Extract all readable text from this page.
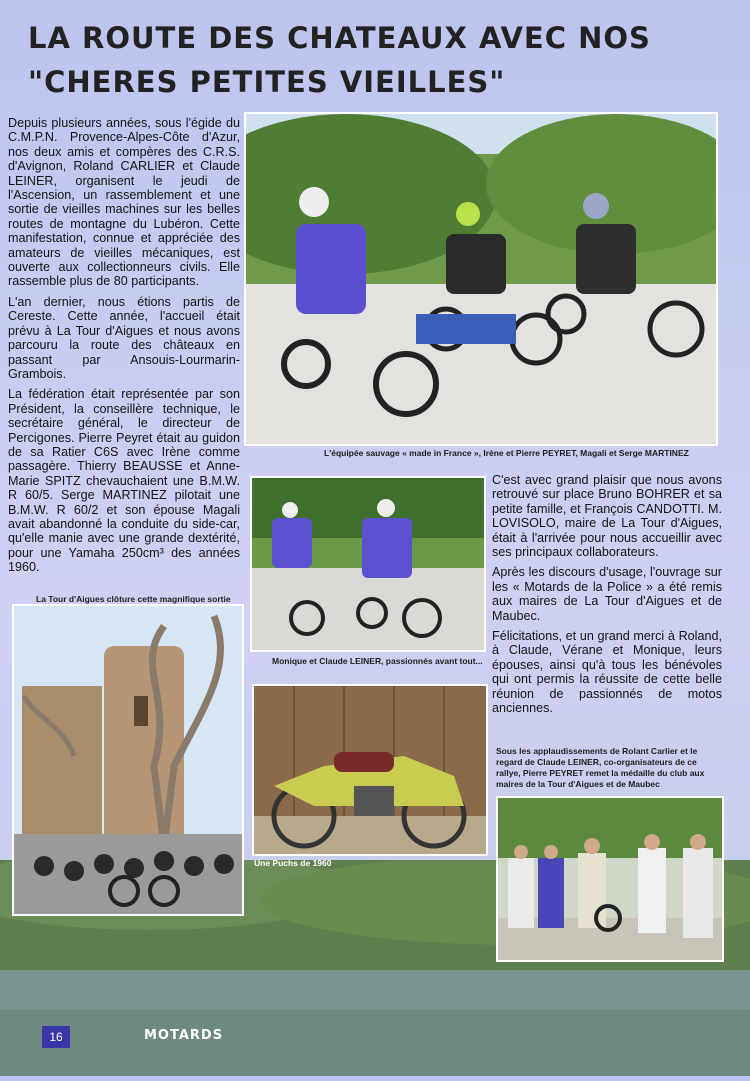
LA ROUTE DES CHATEAUX AVEC NOS "CHERES PETITES VIEILLES"

Depuis plusieurs années, sous l'égide du C.M.P.N. Provence-Alpes-Côte d'Azur, nos deux amis et compères des C.R.S. d'Avignon, Roland CARLIER et Claude LEINER, organisent le jeudi de l'Ascension, un rassemblement et une sortie de vieilles machines sur les belles routes de montagne du Lubéron. Cette manifestation, connue et appréciée des amateurs de vieilles mécaniques, est ouverte aux collectionneurs civils. Elle rassemble plus de 80 participants.

L'an dernier, nous étions partis de Cereste. Cette année, l'accueil était prévu à La Tour d'Aigues et nous avons parcouru la route des châteaux en passant par Ansouis-Lourmarin-Grambois.

La fédération était représentée par son Président, la conseillère technique, le secrétaire général, le directeur de Percigones. Pierre Peyret était au guidon de sa Ratier C6S avec Irène comme passagère. Thierry BEAUSSE et Anne-Marie SPITZ chevauchaient une B.M.W. R 60/5. Serge MARTINEZ pilotait une B.M.W. R 60/2 et son épouse Magali avait abandonné la conduite du side-car, qu'elle manie avec une grande dextérité, pour une Yamaha 250cm³ des années 1960.

L'équipée sauvage « made in France », Irène et Pierre PEYRET, Magali et Serge MARTINEZ
Monique et Claude LEINER, passionnés avant tout...

C'est avec grand plaisir que nous avons retrouvé sur place Bruno BOHRER et sa petite famille, et François CANDOTTI. M. LOVISOLO, maire de La Tour d'Aigues, était à l'arrivée pour nous accueillir avec ses principaux collaborateurs.

Après les discours d'usage, l'ouvrage sur les « Motards de la Police » a été remis aux maires de La Tour d'Aigues et de Maubec.

Félicitations, et un grand merci à Roland, à Claude, Vérane et Monique, leurs épouses, ainsi qu'à tous les bénévoles qui ont permis la réussite de cette belle réunion de passionnés de motos anciennes.

La Tour d'Aigues clôture cette magnifique sortie
Une Puchs de 1960
Sous les applaudissements de Rolant Carlier et le regard de Claude LEINER, co-organisateurs de ce rallye, Pierre PEYRET remet la médaille du club aux maires de la Tour d'Aigues et de Maubec
16	MOTARDS
